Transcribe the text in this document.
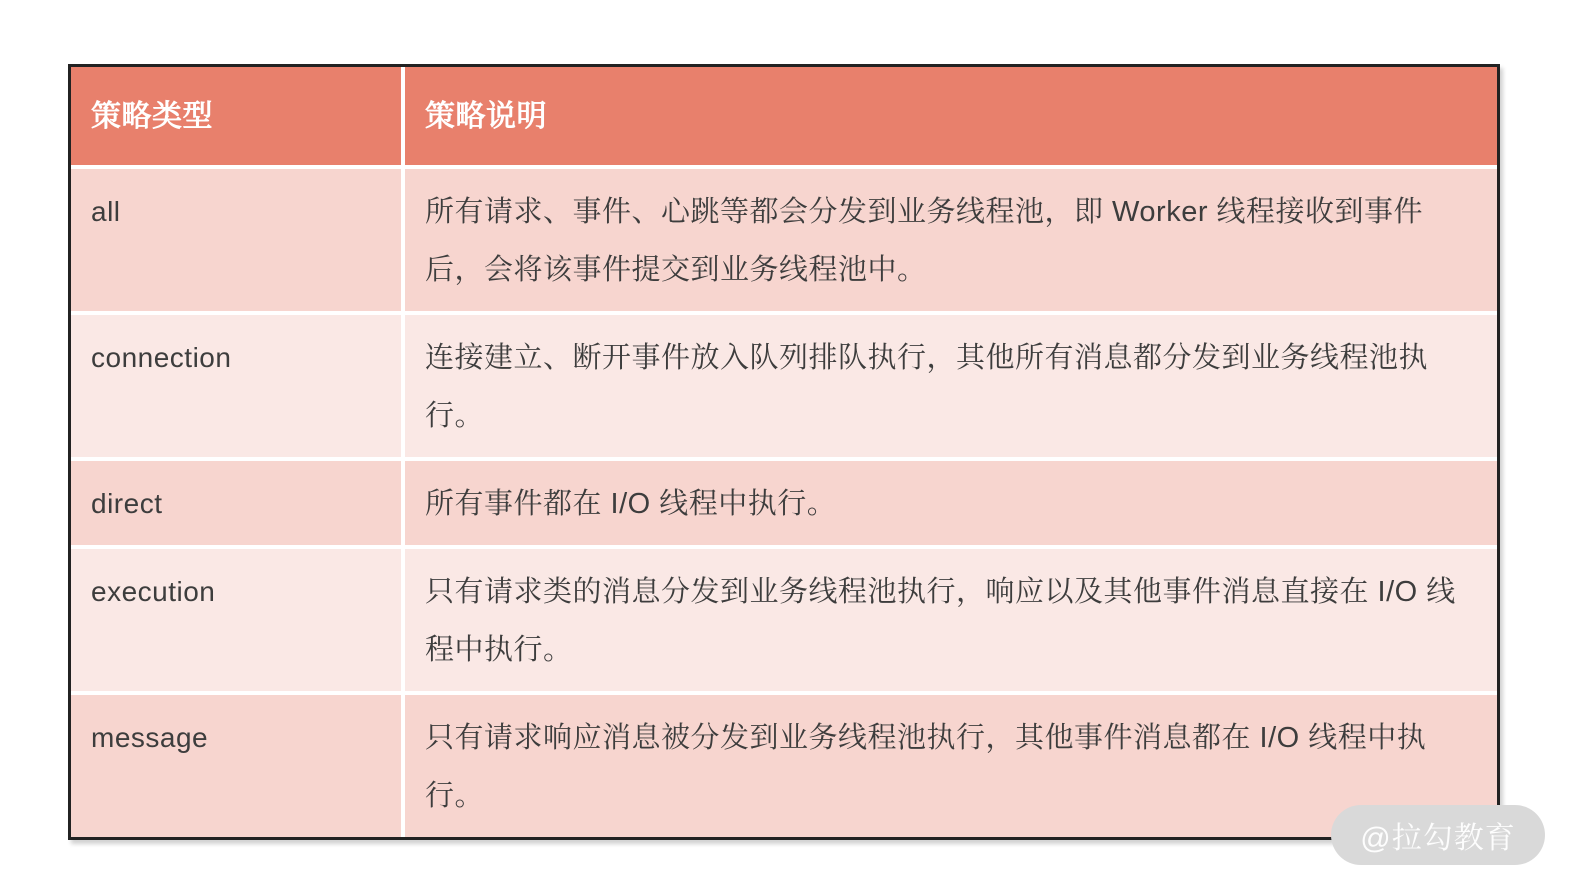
策略类型	策略说明
all	所有请求、事件、心跳等都会分发到业务线程池，即 Worker 线程接收到事件后，会将该事件提交到业务线程池中。
connection	连接建立、断开事件放入队列排队执行，其他所有消息都分发到业务线程池执行。
direct	所有事件都在 I/O 线程中执行。
execution	只有请求类的消息分发到业务线程池执行，响应以及其他事件消息直接在 I/O 线程中执行。
message	只有请求响应消息被分发到业务线程池执行，其他事件消息都在 I/O 线程中执行。
@拉勾教育
